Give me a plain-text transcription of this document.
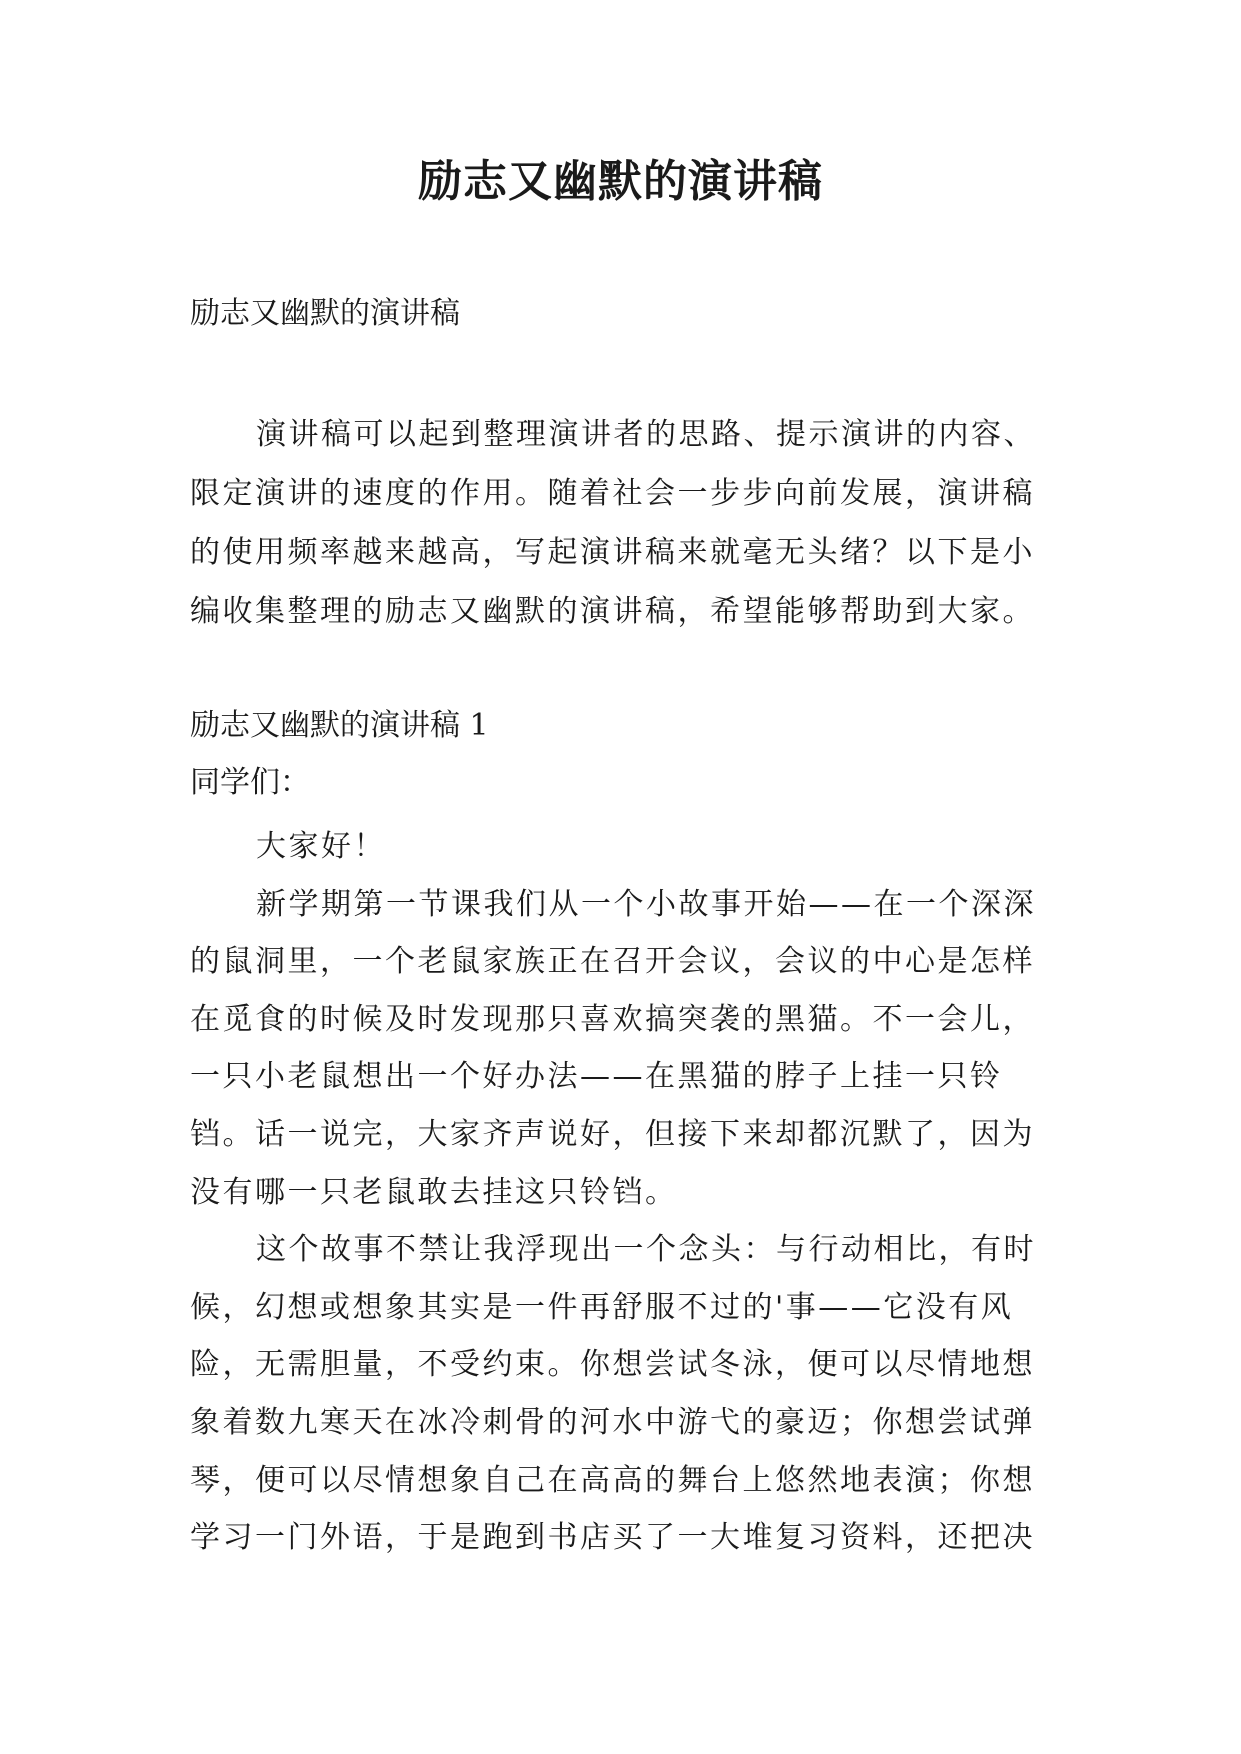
励志又幽默的演讲稿

励志又幽默的演讲稿

演讲稿可以起到整理演讲者的思路、提示演讲的内容、限定演讲的速度的作用。随着社会一步步向前发展，演讲稿的使用频率越来越高，写起演讲稿来就毫无头绪？以下是小编收集整理的励志又幽默的演讲稿，希望能够帮助到大家。

励志又幽默的演讲稿 1

同学们：

大家好！

新学期第一节课我们从一个小故事开始——在一个深深的鼠洞里，一个老鼠家族正在召开会议，会议的中心是怎样在觅食的时候及时发现那只喜欢搞突袭的黑猫。不一会儿，一只小老鼠想出一个好办法——在黑猫的脖子上挂一只铃铛。话一说完，大家齐声说好，但接下来却都沉默了，因为没有哪一只老鼠敢去挂这只铃铛。

这个故事不禁让我浮现出一个念头：与行动相比，有时候，幻想或想象其实是一件再舒服不过的'事——它没有风险，无需胆量，不受约束。你想尝试冬泳，便可以尽情地想象着数九寒天在冰冷刺骨的河水中游弋的豪迈；你想尝试弹琴，便可以尽情想象自己在高高的舞台上悠然地表演；你想学习一门外语，于是跑到书店买了一大堆复习资料，还把决
